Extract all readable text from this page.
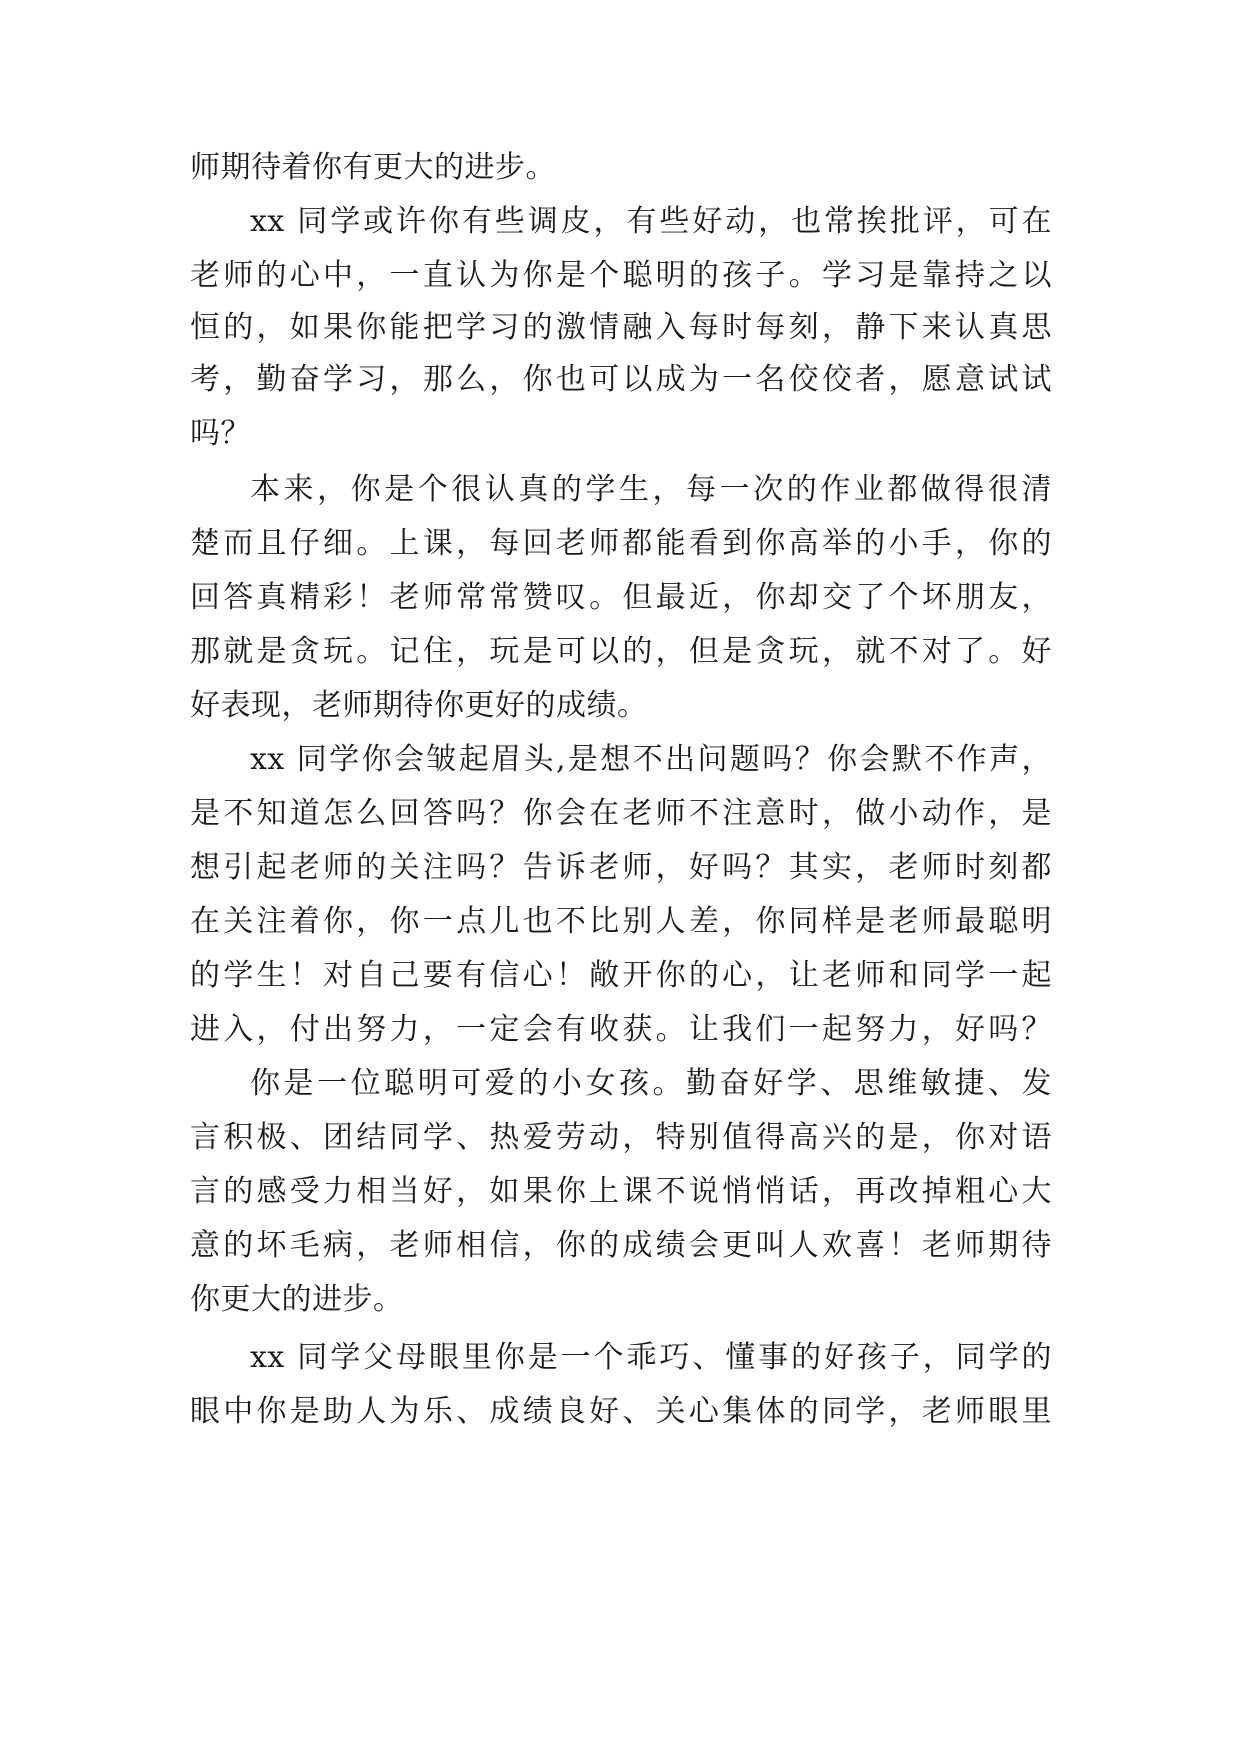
师期待着你有更大的进步。
xx 同学或许你有些调皮，有些好动，也常挨批评，可在
老师的心中，一直认为你是个聪明的孩子。学习是靠持之以
恒的，如果你能把学习的激情融入每时每刻，静下来认真思
考，勤奋学习，那么，你也可以成为一名佼佼者，愿意试试
吗？
本来，你是个很认真的学生，每一次的作业都做得很清
楚而且仔细。上课，每回老师都能看到你高举的小手，你的
回答真精彩！老师常常赞叹。但最近，你却交了个坏朋友，
那就是贪玩。记住，玩是可以的，但是贪玩，就不对了。好
好表现，老师期待你更好的成绩。
xx 同学你会皱起眉头,是想不出问题吗？你会默不作声，
是不知道怎么回答吗？你会在老师不注意时，做小动作，是
想引起老师的关注吗？告诉老师，好吗？其实，老师时刻都
在关注着你，你一点儿也不比别人差，你同样是老师最聪明
的学生！对自己要有信心！敞开你的心，让老师和同学一起
进入，付出努力，一定会有收获。让我们一起努力，好吗？
你是一位聪明可爱的小女孩。勤奋好学、思维敏捷、发
言积极、团结同学、热爱劳动，特别值得高兴的是，你对语
言的感受力相当好，如果你上课不说悄悄话，再改掉粗心大
意的坏毛病，老师相信，你的成绩会更叫人欢喜！老师期待
你更大的进步。
xx 同学父母眼里你是一个乖巧、懂事的好孩子，同学的
眼中你是助人为乐、成绩良好、关心集体的同学，老师眼里
